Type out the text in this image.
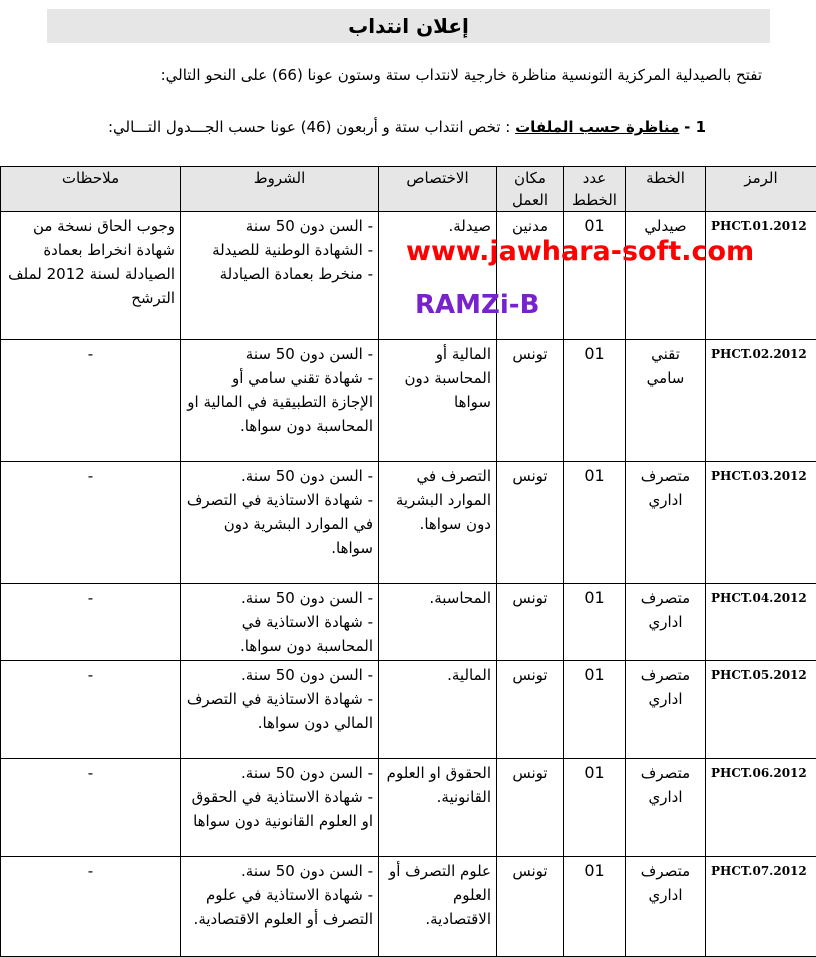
إعلان انتداب
تفتح بالصيدلية المركزية التونسية مناظرة خارجية لانتداب ستة وستون عونا (66) على النحو التالي:
1 - مناظرة حسب الملفات : تخص انتداب ستة و أربعون (46) عونا حسب الجـــدول التـــالي:
الرمز	الخطة	عدد الخطط	مكان العمل	الاختصاص	الشروط	ملاحظات
PHCT.01.2012	صيدلي	01	مدنين	صيدلة.	- السن دون 50 سنة
- الشهادة الوطنية للصيدلة
- منخرط بعمادة الصيادلة	وجوب الحاق نسخة من شهادة انخراط بعمادة الصيادلة لسنة 2012 لملف الترشح
PHCT.02.2012	تقني سامي	01	تونس	المالية أو المحاسبة دون سواها	- السن دون 50 سنة
- شهادة تقني سامي أو الإجازة التطبيقية في المالية او المحاسبة دون سواها.	-
PHCT.03.2012	متصرف اداري	01	تونس	التصرف في الموارد البشرية دون سواها.	- السن دون 50 سنة.
- شهادة الاستاذية في التصرف في الموارد البشرية دون سواها.	-
PHCT.04.2012	متصرف اداري	01	تونس	المحاسبة.	- السن دون 50 سنة.
- شهادة الاستاذية في المحاسبة دون سواها.	-
PHCT.05.2012	متصرف اداري	01	تونس	المالية.	- السن دون 50 سنة.
- شهادة الاستاذية في التصرف المالي دون سواها.	-
PHCT.06.2012	متصرف اداري	01	تونس	الحقوق او العلوم القانونية.	- السن دون 50 سنة.
- شهادة الاستاذية في الحقوق او العلوم القانونية دون سواها	-
PHCT.07.2012	متصرف اداري	01	تونس	علوم التصرف أو العلوم الاقتصادية.	- السن دون 50 سنة.
- شهادة الاستاذية في علوم التصرف أو العلوم الاقتصادية.	-
www.jawhara-soft.com
RAMZi-B
